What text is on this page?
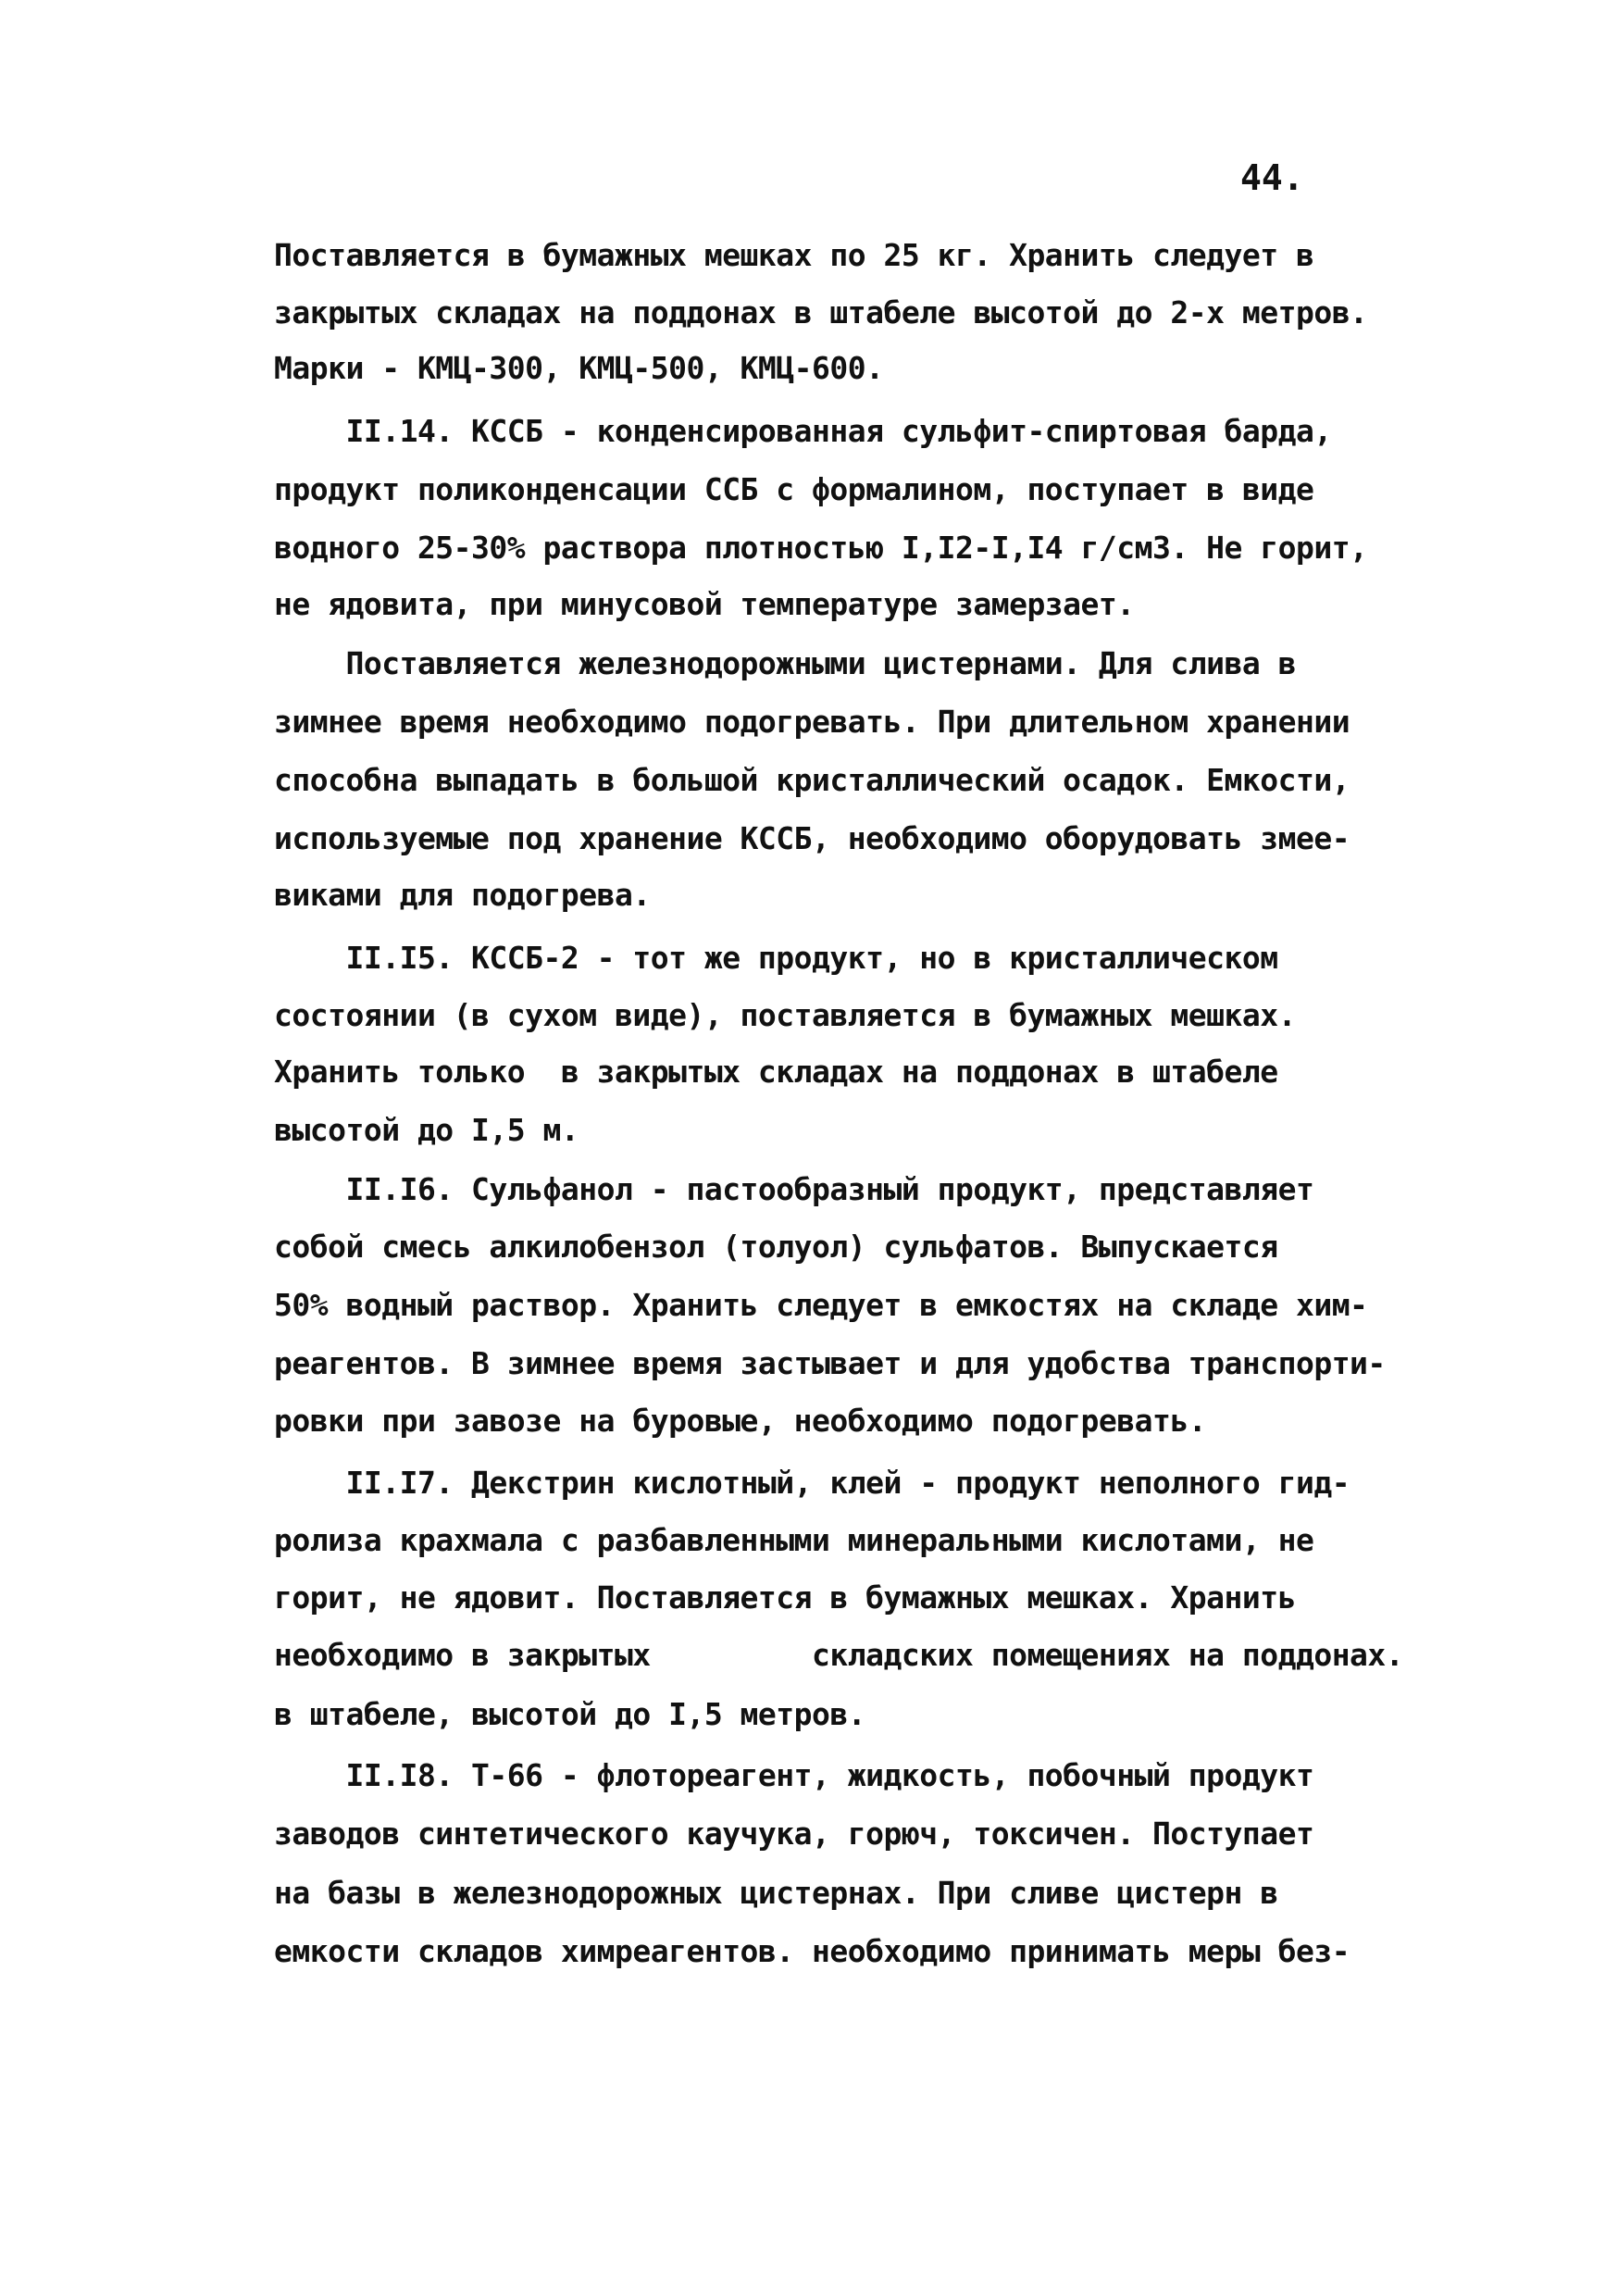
44.
Поставляется в бумажных мешках по 25 кг. Хранить следует в
закрытых складах на поддонах в штабеле высотой до 2-х метров.
Марки - КМЦ-300, КМЦ-500, КМЦ-600.
II.14. КССБ - конденсированная сульфит-спиртовая барда,
продукт поликонденсации ССБ с формалином, поступает в виде
водного 25-30% раствора плотностью I,I2-I,I4 г/см3. Не горит,
не ядовита, при минусовой температуре замерзает.
Поставляется железнодорожными цистернами. Для слива в
зимнее время необходимо подогревать. При длительном хранении
способна выпадать в большой кристаллический осадок. Емкости,
используемые под хранение КССБ, необходимо оборудовать змее-
виками для подогрева.
II.I5. КССБ-2 - тот же продукт, но в кристаллическом
состоянии (в сухом виде), поставляется в бумажных мешках.
Хранить только  в закрытых складах на поддонах в штабеле
высотой до I,5 м.
II.I6. Сульфанол - пастообразный продукт, представляет
собой смесь алкилобензол (толуол) сульфатов. Выпускается
50% водный раствор. Хранить следует в емкостях на складе хим-
реагентов. В зимнее время застывает и для удобства транспорти-
ровки при завозе на буровые, необходимо подогревать.
II.I7. Декстрин кислотный, клей - продукт неполного гид-
ролиза крахмала с разбавленными минеральными кислотами, не
горит, не ядовит. Поставляется в бумажных мешках. Хранить
необходимо в закрытых         складских помещениях на поддонах.
в штабеле, высотой до I,5 метров.
II.I8. Т-66 - флотореагент, жидкость, побочный продукт
заводов синтетического каучука, горюч, токсичен. Поступает
на базы в железнодорожных цистернах. При сливе цистерн в
емкости складов химреагентов. необходимо принимать меры без-
